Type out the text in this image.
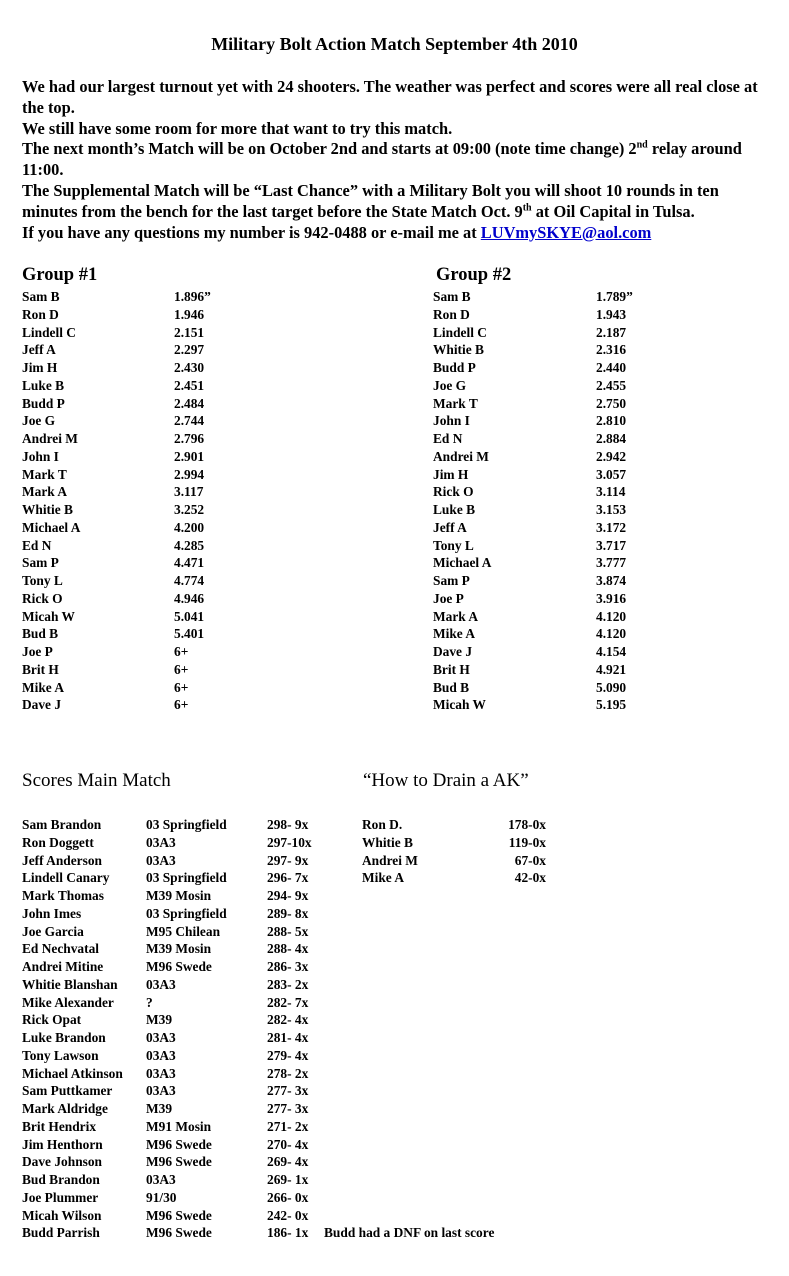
Military Bolt Action Match September 4th 2010

We had our largest turnout yet with 24 shooters. The weather was perfect and scores were all real close at the top.

We still have some room for more that want to try this match.

The next month’s Match will be on October 2nd and starts at 09:00 (note time change) 2nd relay around 11:00.

The Supplemental Match will be “Last Chance” with a Military Bolt you will shoot 10 rounds in ten minutes from the bench for the last target before the State Match Oct. 9th at Oil Capital in Tulsa.

If you have any questions my number is 942-0488 or e-mail me at LUVmySKYE@aol.com

Group #1	Group #2
Sam B	1.896”
Ron D	1.946
Lindell C	2.151
Jeff A	2.297
Jim H	2.430
Luke B	2.451
Budd P	2.484
Joe G	2.744
Andrei M	2.796
John I	2.901
Mark T	2.994
Mark A	3.117
Whitie B	3.252
Michael A	4.200
Ed N	4.285
Sam P	4.471
Tony L	4.774
Rick O	4.946
Micah W	5.041
Bud B	5.401
Joe P	6+
Brit H	6+
Mike A	6+
Dave J	6+
Sam B	1.789”
Ron D	1.943
Lindell C	2.187
Whitie B	2.316
Budd P	2.440
Joe G	2.455
Mark T	2.750
John I	2.810
Ed N	2.884
Andrei M	2.942
Jim H	3.057
Rick O	3.114
Luke B	3.153
Jeff A	3.172
Tony L	3.717
Michael A	3.777
Sam P	3.874
Joe P	3.916
Mark A	4.120
Mike A	4.120
Dave J	4.154
Brit H	4.921
Bud B	5.090
Micah W	5.195
Scores Main Match	“How to Drain a AK”
Sam Brandon	03 Springfield	298- 9x
Ron Doggett	03A3	297-10x
Jeff Anderson	03A3	297- 9x
Lindell Canary	03 Springfield	296- 7x
Mark Thomas	M39 Mosin	294- 9x
John Imes	03 Springfield	289- 8x
Joe Garcia	M95 Chilean	288- 5x
Ed Nechvatal	M39 Mosin	288- 4x
Andrei Mitine	M96 Swede	286- 3x
Whitie Blanshan 03A3	283- 2x
Mike Alexander ?	282- 7x
Rick Opat	M39	282- 4x
Luke Brandon	03A3	281- 4x
Tony Lawson	03A3	279- 4x
Michael Atkinson 03A3	278- 2x
Sam Puttkamer	03A3	277- 3x
Mark Aldridge	M39	277- 3x
Brit Hendrix	M91 Mosin	271- 2x
Jim Henthorn	M96 Swede	270- 4x
Dave Johnson	M96 Swede	269- 4x
Bud Brandon	03A3	269- 1x
Joe Plummer	91/30	266- 0x
Micah Wilson	M96 Swede	242- 0x
Budd Parrish	M96 Swede	186- 1x Budd had a DNF on last score
Ron D.	178-0x
Whitie B	119-0x
Andrei M	67-0x
Mike A	42-0x
